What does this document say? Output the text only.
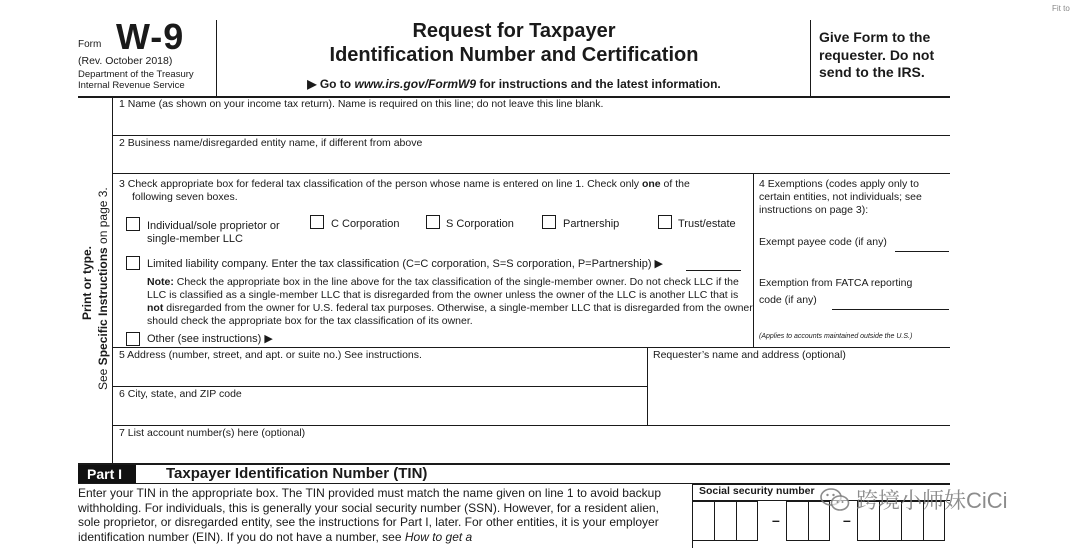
Fit to
Form W-9
(Rev. October 2018)
Department of the Treasury
Internal Revenue Service
Request for Taxpayer
Identification Number and Certification
▶ Go to www.irs.gov/FormW9 for instructions and the latest information.
Give Form to the requester. Do not send to the IRS.
Print or type.
See Specific Instructions on page 3.
1 Name (as shown on your income tax return). Name is required on this line; do not leave this line blank.
2 Business name/disregarded entity name, if different from above
3 Check appropriate box for federal tax classification of the person whose name is entered on line 1. Check only one of the
following seven boxes.
Individual/sole proprietor or
single-member LLC
C Corporation	S Corporation	Partnership	Trust/estate
Limited liability company. Enter the tax classification (C=C corporation, S=S corporation, P=Partnership) ▶
Note: Check the appropriate box in the line above for the tax classification of the single-member owner. Do not check LLC if the LLC is classified as a single-member LLC that is disregarded from the owner unless the owner of the LLC is another LLC that is not disregarded from the owner for U.S. federal tax purposes. Otherwise, a single-member LLC that is disregarded from the owner should check the appropriate box for the tax classification of its owner.
Other (see instructions) ▶
4 Exemptions (codes apply only to
certain entities, not individuals; see
instructions on page 3):
Exempt payee code (if any)
Exemption from FATCA reporting
code (if any)
(Applies to accounts maintained outside the U.S.)
5 Address (number, street, and apt. or suite no.) See instructions.	Requester’s name and address (optional)
6 City, state, and ZIP code
7 List account number(s) here (optional)
Part I	Taxpayer Identification Number (TIN)
Enter your TIN in the appropriate box. The TIN provided must match the name given on line 1 to avoid backup withholding. For individuals, this is generally your social security number (SSN). However, for a resident alien, sole proprietor, or disregarded entity, see the instructions for Part I, later. For other entities, it is your employer identification number (EIN). If you do not have a number, see How to get a
Social security number
–	–
跨境小师妹CiCi
